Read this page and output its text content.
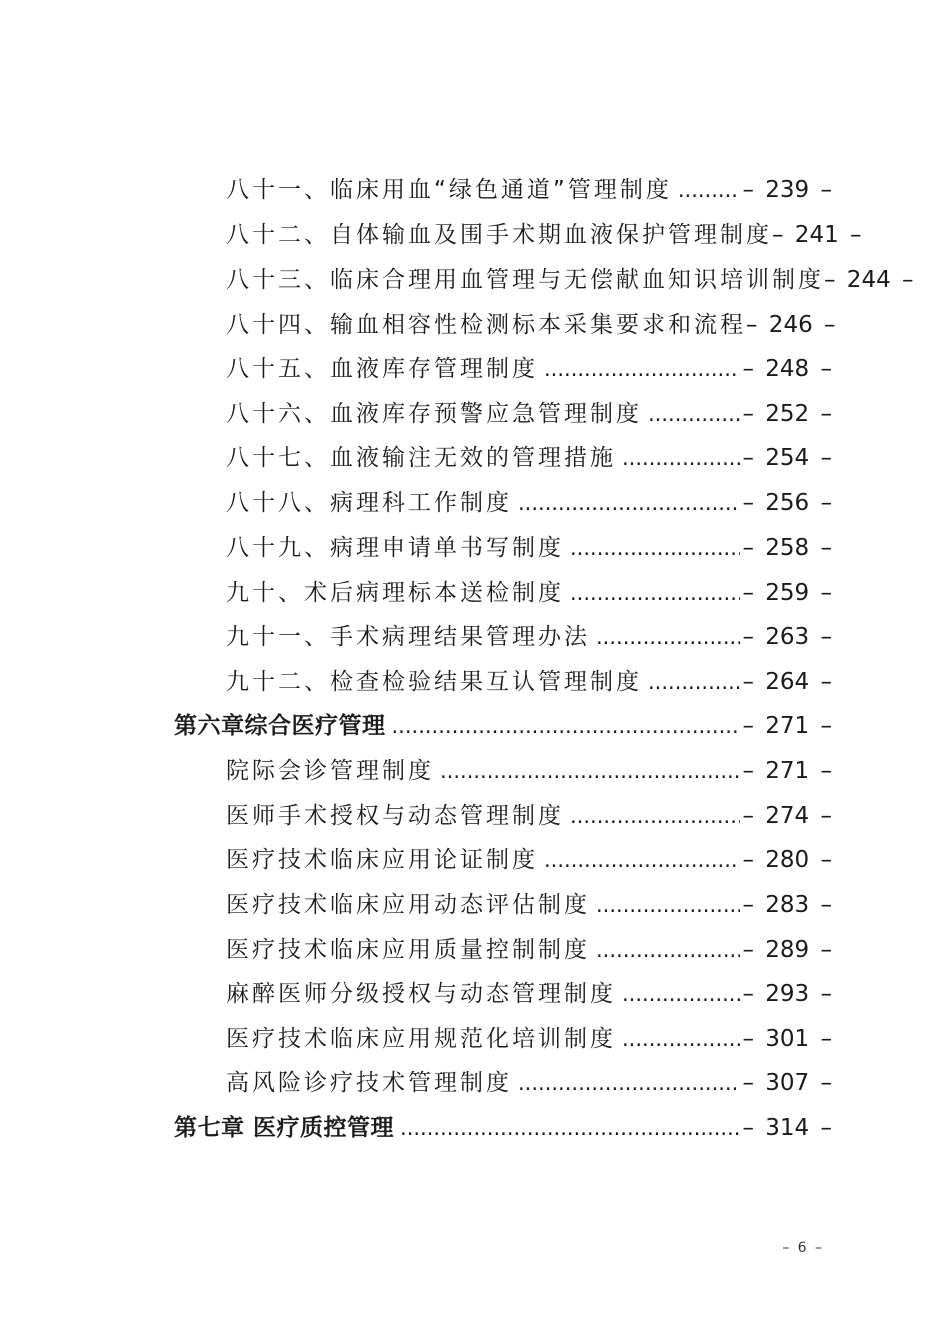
八十一、临床用血“绿色通道”管理制度 .....	– 239 –
八十二、自体输血及围手术期血液保护管理制度 – 241 –
八十三、临床合理用血管理与无偿献血知识培训制度 – 244 –
八十四、输血相容性检测标本采集要求和流程 – 246 –
八十五、血液库存管理制度 .....	– 248 –
八十六、血液库存预警应急管理制度 .....	– 252 –
八十七、血液输注无效的管理措施 .....	– 254 –
八十八、病理科工作制度 .....	– 256 –
八十九、病理申请单书写制度 .....	– 258 –
九十、术后病理标本送检制度 .....	– 259 –
九十一、手术病理结果管理办法 .....	– 263 –
九十二、检查检验结果互认管理制度 .....	– 264 –
第六章综合医疗管理 .....	– 271 –
院际会诊管理制度 .....	– 271 –
医师手术授权与动态管理制度 .....	– 274 –
医疗技术临床应用论证制度 .....	– 280 –
医疗技术临床应用动态评估制度 .....	– 283 –
医疗技术临床应用质量控制制度 .....	– 289 –
麻醉医师分级授权与动态管理制度 .....	– 293 –
医疗技术临床应用规范化培训制度 .....	– 301 –
高风险诊疗技术管理制度 .....	– 307 –
第七章 医疗质控管理 .....	– 314 –
– 6 –
